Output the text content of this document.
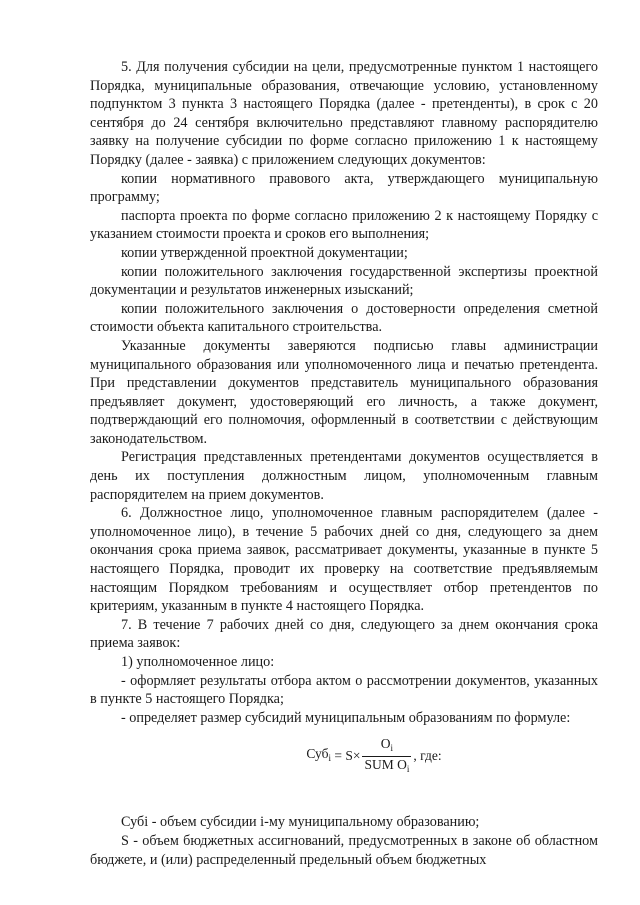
5. Для получения субсидии на цели, предусмотренные пунктом 1 настоящего Порядка, муниципальные образования, отвечающие условию, установленному подпунктом 3 пункта 3 настоящего Порядка (далее - претенденты), в срок с 20 сентября до 24 сентября включительно представляют главному распорядителю заявку на получение субсидии по форме согласно приложению 1 к настоящему Порядку (далее - заявка) с приложением следующих документов:

копии нормативного правового акта, утверждающего муниципальную программу;

паспорта проекта по форме согласно приложению 2 к настоящему Порядку с указанием стоимости проекта и сроков его выполнения;

копии утвержденной проектной документации;

копии положительного заключения государственной экспертизы проектной документации и результатов инженерных изысканий;

копии положительного заключения о достоверности определения сметной стоимости объекта капитального строительства.

Указанные документы заверяются подписью главы администрации муниципального образования или уполномоченного лица и печатью претендента. При представлении документов представитель муниципального образования предъявляет документ, удостоверяющий его личность, а также документ, подтверждающий его полномочия, оформленный в соответствии с действующим законодательством.

Регистрация представленных претендентами документов осуществляется в день их поступления должностным лицом, уполномоченным главным распорядителем на прием документов.

6. Должностное лицо, уполномоченное главным распорядителем (далее - уполномоченное лицо), в течение 5 рабочих дней со дня, следующего за днем окончания срока приема заявок, рассматривает документы, указанные в пункте 5 настоящего Порядка, проводит их проверку на соответствие предъявляемым настоящим Порядком требованиям и осуществляет отбор претендентов по критериям, указанным в пункте 4 настоящего Порядка.

7. В течение 7 рабочих дней со дня, следующего за днем окончания срока приема заявок:

1) уполномоченное лицо:

- оформляет результаты отбора актом о рассмотрении документов, указанных в пункте 5 настоящего Порядка;

- определяет размер субсидий муниципальным образованиям по формуле:

$Суб_i = S\times \frac{O_i}{SUM O_i}$ , где:

Субi - объем субсидии i-му муниципальному образованию;

S - объем бюджетных ассигнований, предусмотренных в законе об областном бюджете, и (или) распределенный предельный объем бюджетных
